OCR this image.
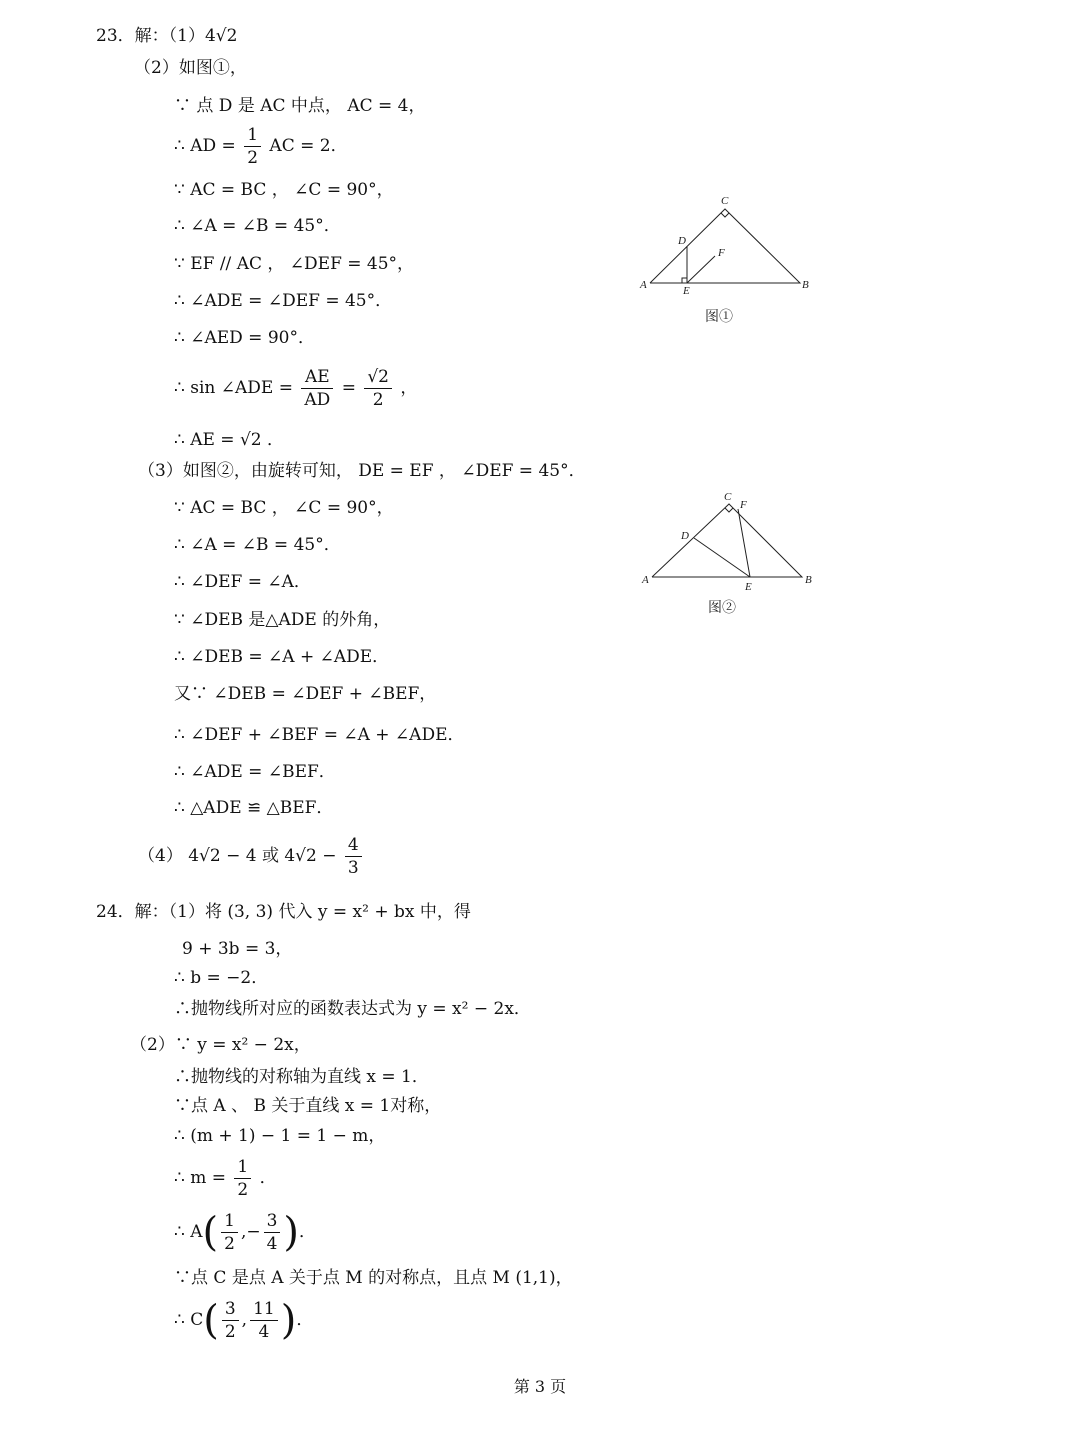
23．解：（1）4√2
（2）如图①，
∵ 点 D 是 AC 中点， AC = 4，
∴ AD = $\frac{1}{2}$ AC = 2．
∵ AC = BC ， ∠C = 90°，
∴ ∠A = ∠B = 45°．
∵ EF // AC ， ∠DEF = 45°，
∴ ∠ADE = ∠DEF = 45°．
∴ ∠AED = 90°．
∴ sin ∠ADE = $\frac{AE}{AD} = \frac{√2}{2}$ ，
∴ AE = √2 ．
（3）如图②，由旋转可知， DE = EF ， ∠DEF = 45°．
∵ AC = BC ， ∠C = 90°，
∴ ∠A = ∠B = 45°．
∴ ∠DEF = ∠A．
∵ ∠DEB 是△ADE 的外角，
∴ ∠DEB = ∠A + ∠ADE．
又∵ ∠DEB = ∠DEF + ∠BEF，
∴ ∠DEF + ∠BEF = ∠A + ∠ADE．
∴ ∠ADE = ∠BEF．
∴ △ADE ≌ △BEF．
（4） 4√2 − 4 或 $4√2 - \frac{4}{3}$
C
D
F
A	E	B
图①
C
F
D
A
E
B
图②
24．解：（1）将 (3, 3) 代入 y = x² + bx 中，得
9 + 3b = 3，
∴ b = −2．
∴抛物线所对应的函数表达式为 y = x² − 2x．
（2）∵ y = x² − 2x，
∴抛物线的对称轴为直线 x = 1．
∵点 A 、 B 关于直线 x = 1对称，
∴ (m + 1) − 1 = 1 − m，
∴ $m = \frac{1}{2}$ ．
∴ $A( \frac{1}{2}$ ,− $\frac{3}{4}$ )．
∵点 C 是点 A 关于点 M 的对称点，且点 M (1,1)，
∴ $C( \frac{3}{2}$ , $\frac{11}{4}$ )．
第 3 页
